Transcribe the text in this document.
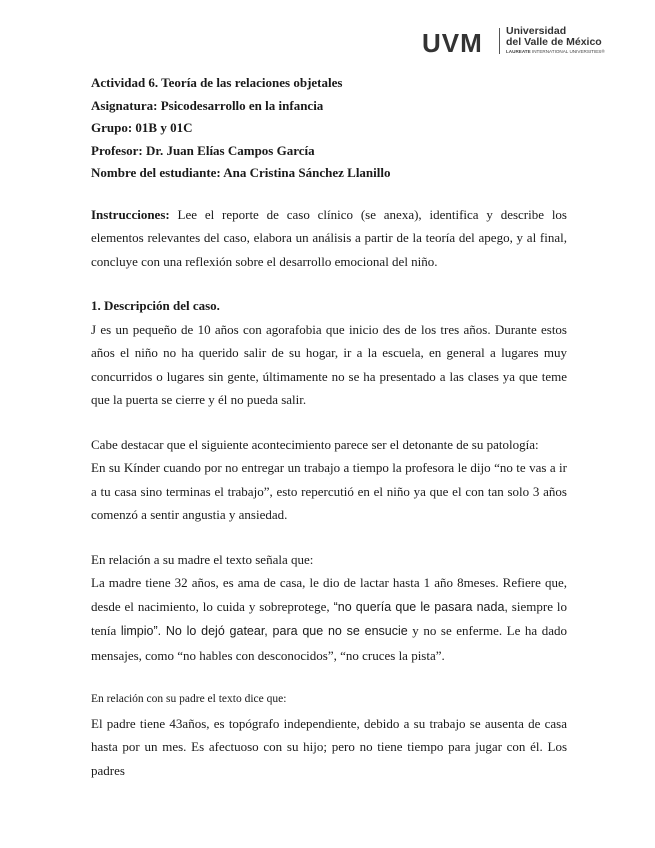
UVM Universidad
del Valle de México
LAUREATE INTERNATIONAL UNIVERSITIES®
Actividad 6. Teoría de las relaciones objetales
Asignatura: Psicodesarrollo en la infancia
Grupo: 01B y 01C
Profesor: Dr. Juan Elías Campos García
Nombre del estudiante: Ana Cristina Sánchez Llanillo

Instrucciones: Lee el reporte de caso clínico (se anexa), identifica y describe los elementos relevantes del caso, elabora un análisis a partir de la teoría del apego, y al final, concluye con una reflexión sobre el desarrollo emocional del niño.

1. Descripción del caso.

J es un pequeño de 10 años con agorafobia que inicio des de los tres años. Durante estos años el niño no ha querido salir de su hogar, ir a la escuela, en general a lugares muy concurridos o lugares sin gente, últimamente no se ha presentado a las clases ya que teme que la puerta se cierre y él no pueda salir.

Cabe destacar que el siguiente acontecimiento parece ser el detonante de su patología:

En su Kínder cuando por no entregar un trabajo a tiempo la profesora le dijo “no te vas a ir a tu casa sino terminas el trabajo”, esto repercutió en el niño ya que el con tan solo 3 años comenzó a sentir angustia y ansiedad.

En relación a su madre el texto señala que:

La madre tiene 32 años, es ama de casa, le dio de lactar hasta 1 año 8meses. Refiere que, desde el nacimiento, lo cuida y sobreprotege, “no quería que le pasara nada, siempre lo tenía limpio”. No lo dejó gatear, para que no se ensucie y no se enferme. Le ha dado mensajes, como “no hables con desconocidos”, “no cruces la pista”.

En relación con su padre el texto dice que:

El padre tiene 43años, es topógrafo independiente, debido a su trabajo se ausenta de casa hasta por un mes. Es afectuoso con su hijo; pero no tiene tiempo para jugar con él. Los padres
